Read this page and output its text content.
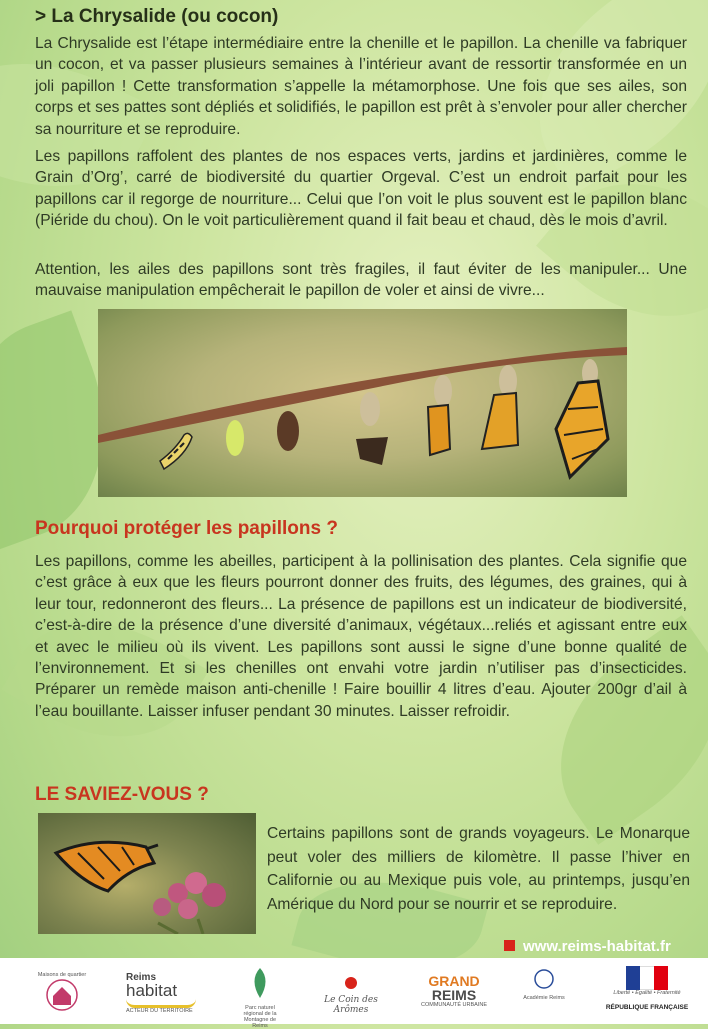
> La Chrysalide (ou cocon)

La Chrysalide est l’étape intermédiaire entre la chenille et le papillon. La chenille va fabriquer un cocon, et va passer plusieurs semaines à l’intérieur avant de ressortir transformée en un joli papillon ! Cette transformation s’appelle la métamorphose. Une fois que ses ailes, son corps et ses pattes sont dépliés et solidifiés, le papillon est prêt à s’envoler pour aller chercher sa nourriture et se reproduire.

Les papillons raffolent des plantes de nos espaces verts, jardins et jardinières, comme le Grain d’Org’, carré de biodiversité du quartier Orgeval. C’est un endroit parfait pour les papillons car il regorge de nourriture... Celui que l’on voit le plus souvent est le papillon blanc (Piéride du chou). On le voit particulièrement quand il fait beau et chaud, dès le mois d’avril.

Attention, les ailes des papillons sont très fragiles, il faut éviter de les manipuler... Une mauvaise manipulation empêcherait le papillon de voler et ainsi de vivre...

Pourquoi protéger les papillons ?

Les papillons, comme les abeilles, participent à la pollinisation des plantes. Cela signifie que c’est grâce à eux que les fleurs pourront donner des fruits, des légumes, des graines, qui à leur tour, redonneront des fleurs... La présence de papillons est un indicateur de biodiversité, c’est-à-dire de la présence d’une diversité d’animaux, végétaux...reliés et agissant entre eux et avec le milieu où ils vivent. Les papillons sont aussi le signe d’une bonne qualité de l’environnement. Et si les chenilles ont envahi votre jardin n’utiliser pas d’insecticides. Préparer un remède maison anti-chenille ! Faire bouillir 4 litres d’eau. Ajouter 200gr d’ail à l’eau bouillante. Laisser infuser pendant 30 minutes. Laisser refroidir.

LE SAVIEZ-VOUS ?

Certains papillons sont de grands voyageurs. Le Monarque peut voler des milliers de kilomètre. Il passe l’hiver en Californie ou au Mexique puis vole, au printemps, jusqu’en Amérique du Nord pour se nourrir et se reproduire.

www.reims-habitat.fr
Maisons de quartier	Reims
habitat
ACTEUR DU TERRITOIRE	Parc naturel régional de la Montagne de Reims
Le Coin des Arômes
GRAND
REIMS
COMMUNAUTÉ URBAINE
Académie Reims
Liberté • Égalité • Fraternité
RÉPUBLIQUE FRANÇAISE
